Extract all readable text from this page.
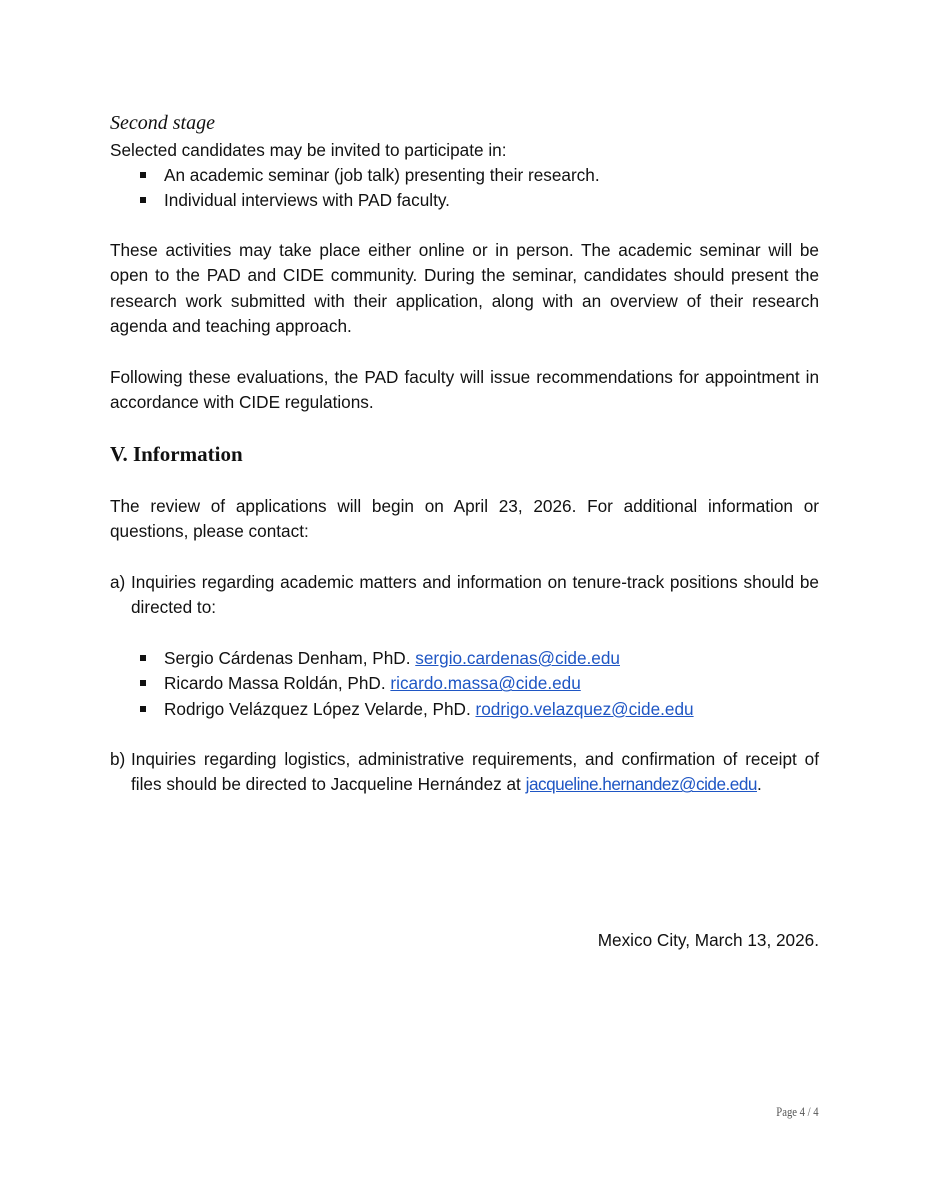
Second stage

Selected candidates may be invited to participate in:

An academic seminar (job talk) presenting their research.
Individual interviews with PAD faculty.

These activities may take place either online or in person. The academic seminar will be open to the PAD and CIDE community. During the seminar, candidates should present the research work submitted with their application, along with an overview of their research agenda and teaching approach.

Following these evaluations, the PAD faculty will issue recommendations for appointment in accordance with CIDE regulations.

V. Information

The review of applications will begin on April 23, 2026. For additional information or questions, please contact:

a) Inquiries regarding academic matters and information on tenure-track positions should be directed to:
Sergio Cárdenas Denham, PhD. sergio.cardenas@cide.edu
Ricardo Massa Roldán, PhD. ricardo.massa@cide.edu
Rodrigo Velázquez López Velarde, PhD. rodrigo.velazquez@cide.edu
b) Inquiries regarding logistics, administrative requirements, and confirmation of receipt of files should be directed to Jacqueline Hernández at jacqueline.hernandez@cide.edu.

Mexico City, March 13, 2026.

Page 4 / 4
